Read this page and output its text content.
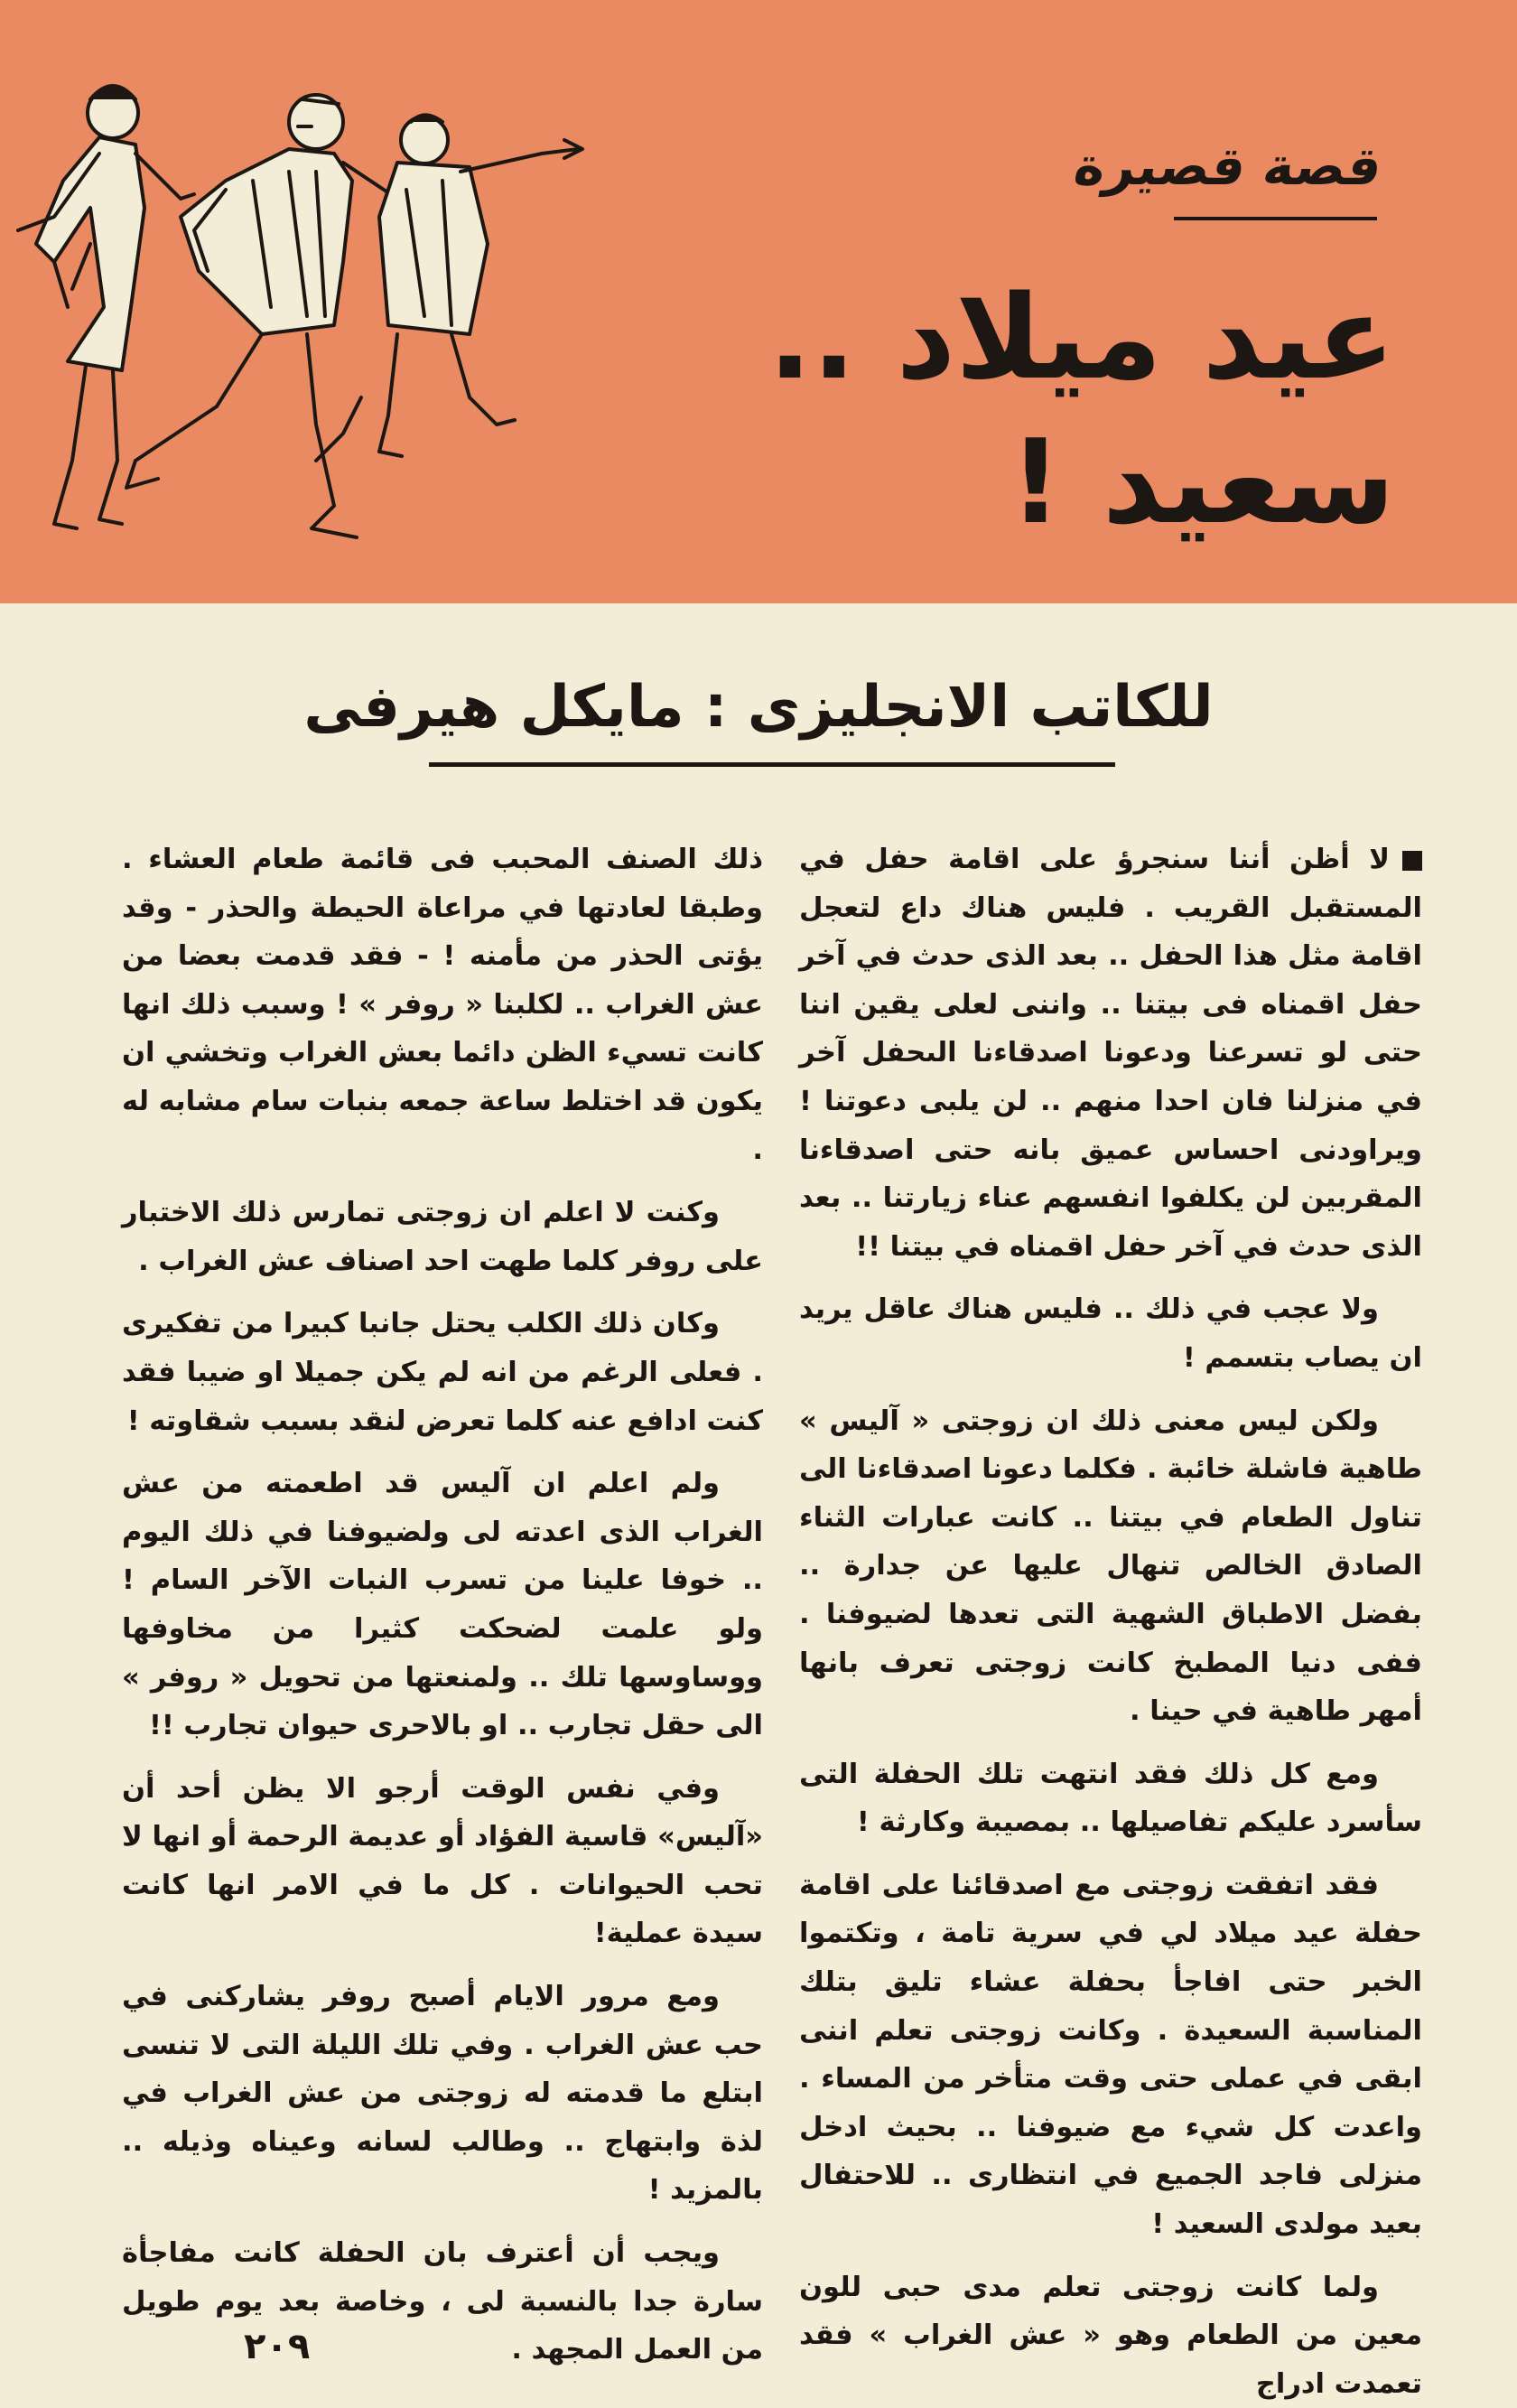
قصة قصيرة
عيد ميلاد .. سعيد !
للكاتب الانجليزى : مايكل هيرفى

لا أظن أننا سنجرؤ على اقامة حفل في المستقبل القريب . فليس هناك داع لتعجل اقامة مثل هذا الحفل .. بعد الذى حدث في آخر حفل اقمناه فى بيتنا .. واننى لعلى يقين اننا حتى لو تسرعنا ودعونا اصدقاءنا الىحفل آخر في منزلنا فان احدا منهم .. لن يلبى دعوتنا ! ويراودنى احساس عميق بانه حتى اصدقاءنا المقربين لن يكلفوا انفسهم عناء زيارتنا .. بعد الذى حدث في آخر حفل اقمناه في بيتنا !!

ولا عجب في ذلك .. فليس هناك عاقل يريد ان يصاب بتسمم !

ولكن ليس معنى ذلك ان زوجتى « آليس » طاهية فاشلة خائبة . فكلما دعونا اصدقاءنا الى تناول الطعام في بيتنا .. كانت عبارات الثناء الصادق الخالص تنهال عليها عن جدارة .. بفضل الاطباق الشهية التى تعدها لضيوفنا . ففى دنيا المطبخ كانت زوجتى تعرف بانها أمهر طاهية في حينا .

ومع كل ذلك فقد انتهت تلك الحفلة التى سأسرد عليكم تفاصيلها .. بمصيبة وكارثة !

فقد اتفقت زوجتى مع اصدقائنا على اقامة حفلة عيد ميلاد لي في سرية تامة ، وتكتموا الخبر حتى افاجأ بحفلة عشاء تليق بتلك المناسبة السعيدة . وكانت زوجتى تعلم اننى ابقى في عملى حتى وقت متأخر من المساء . واعدت كل شيء مع ضيوفنا .. بحيث ادخل منزلى فاجد الجميع في انتظارى .. للاحتفال بعيد مولدى السعيد !

ولما كانت زوجتى تعلم مدى حبى للون معين من الطعام وهو « عش الغراب » فقد تعمدت ادراج

ذلك الصنف المحبب فى قائمة طعام العشاء . وطبقا لعادتها في مراعاة الحيطة والحذر - وقد يؤتى الحذر من مأمنه ! - فقد قدمت بعضا من عش الغراب .. لكلبنا « روفر » ! وسبب ذلك انها كانت تسيء الظن دائما بعش الغراب وتخشي ان يكون قد اختلط ساعة جمعه بنبات سام مشابه له .

وكنت لا اعلم ان زوجتى تمارس ذلك الاختبار على روفر كلما طهت احد اصناف عش الغراب .

وكان ذلك الكلب يحتل جانبا كبيرا من تفكيرى . فعلى الرغم من انه لم يكن جميلا او ضيبا فقد كنت ادافع عنه كلما تعرض لنقد بسبب شقاوته !

ولم اعلم ان آليس قد اطعمته من عش الغراب الذى اعدته لى ولضيوفنا في ذلك اليوم .. خوفا علينا من تسرب النبات الآخر السام ! ولو علمت لضحكت كثيرا من مخاوفها ووساوسها تلك .. ولمنعتها من تحويل « روفر » الى حقل تجارب .. او بالاحرى حيوان تجارب !!

وفي نفس الوقت أرجو الا يظن أحد أن «آليس» قاسية الفؤاد أو عديمة الرحمة أو انها لا تحب الحيوانات . كل ما في الامر انها كانت سيدة عملية!

ومع مرور الايام أصبح روفر يشاركنى في حب عش الغراب . وفي تلك الليلة التى لا تنسى ابتلع ما قدمته له زوجتى من عش الغراب في لذة وابتهاج .. وطالب لسانه وعيناه وذيله .. بالمزيد !

ويجب أن أعترف بان الحفلة كانت مفاجأة سارة جدا بالنسبة لى ، وخاصة بعد يوم طويل من العمل المجهد .

٢٠٩
